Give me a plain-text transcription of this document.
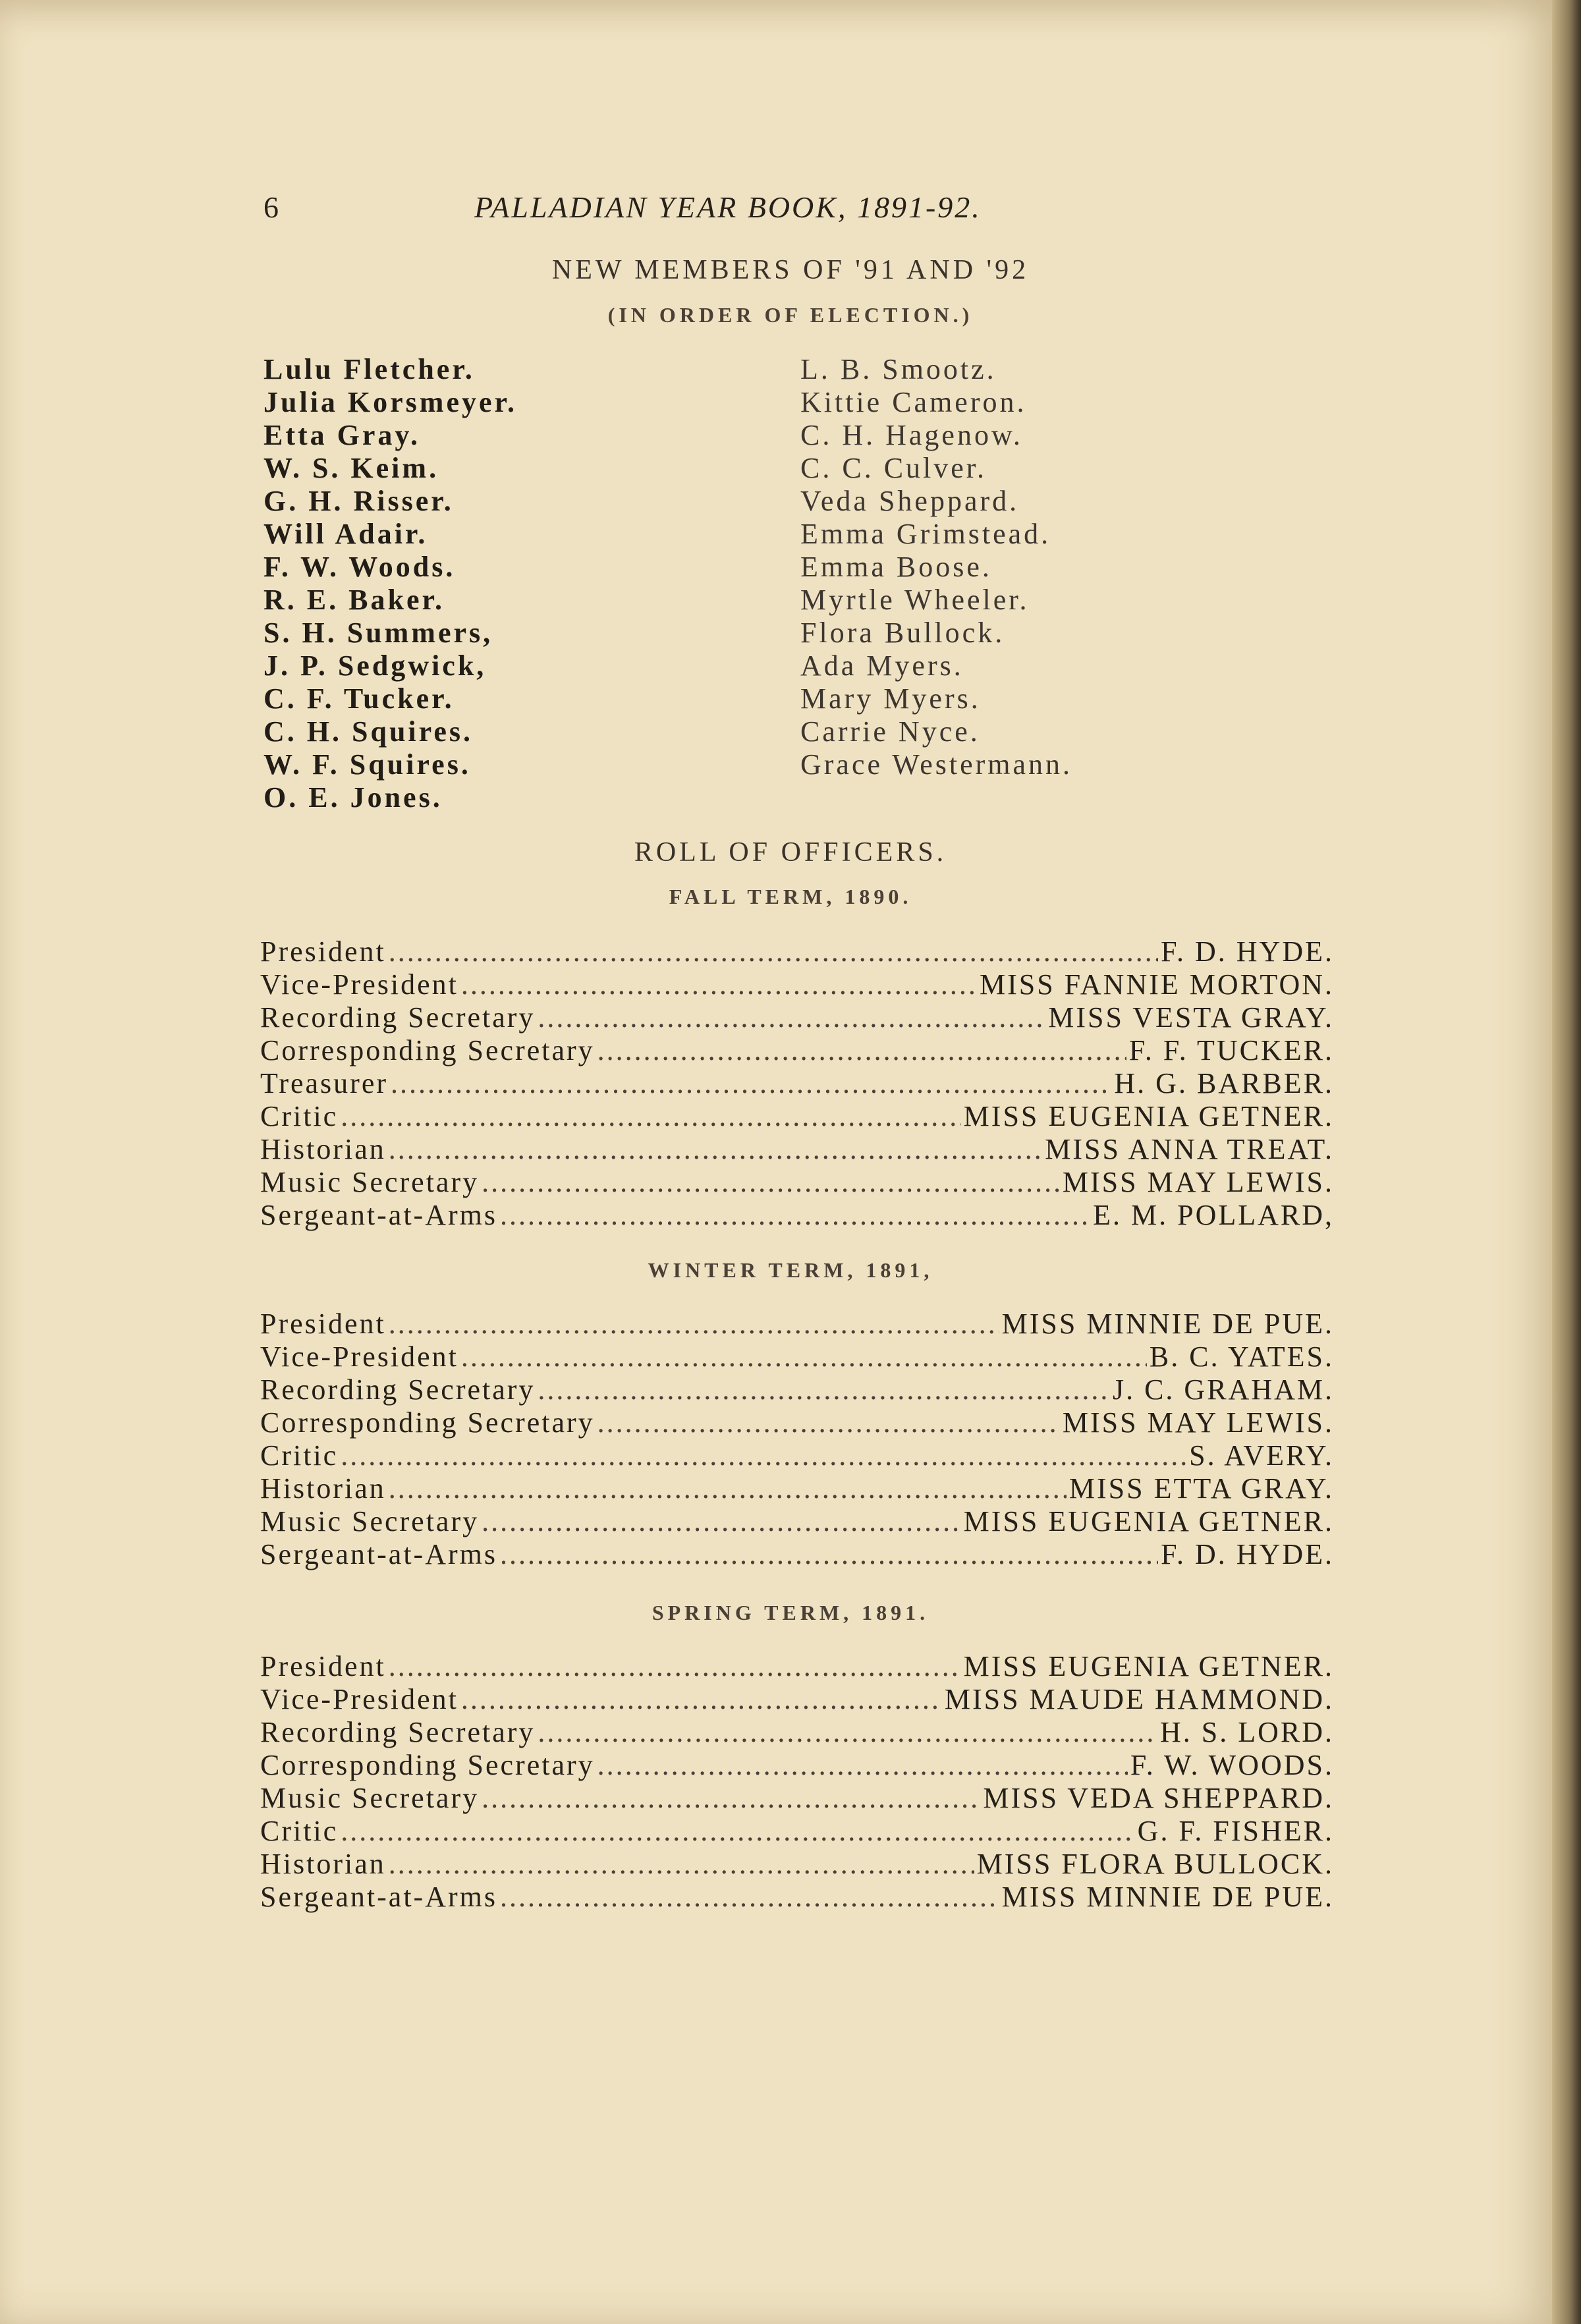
6	PALLADIAN YEAR BOOK, 1891-92.
NEW MEMBERS OF '91 AND '92
(IN ORDER OF ELECTION.)
Lulu Fletcher.
Julia Korsmeyer.
Etta Gray.
W. S. Keim.
G. H. Risser.
Will Adair.
F. W. Woods.
R. E. Baker.
S. H. Summers,
J. P. Sedgwick,
C. F. Tucker.
C. H. Squires.
W. F. Squires.
O. E. Jones.
L. B. Smootz.
Kittie Cameron.
C. H. Hagenow.
C. C. Culver.
Veda Sheppard.
Emma Grimstead.
Emma Boose.
Myrtle Wheeler.
Flora Bullock.
Ada Myers.
Mary Myers.
Carrie Nyce.
Grace Westermann.
ROLL OF OFFICERS.
FALL TERM, 1890.
President .....	F. D. HYDE.
Vice-President .....	MISS FANNIE MORTON.
Recording Secretary .....	MISS VESTA GRAY.
Corresponding Secretary .....	F. F. TUCKER.
Treasurer .....	H. G. BARBER.
Critic .....	MISS EUGENIA GETNER.
Historian .....	MISS ANNA TREAT.
Music Secretary .....	MISS MAY LEWIS.
Sergeant-at-Arms .....	E. M. POLLARD,
WINTER TERM, 1891,
President .....	MISS MINNIE DE PUE.
Vice-President .....	B. C. YATES.
Recording Secretary .....	J. C. GRAHAM.
Corresponding Secretary .....	MISS MAY LEWIS.
Critic .....	S. AVERY.
Historian .....	MISS ETTA GRAY.
Music Secretary .....	MISS EUGENIA GETNER.
Sergeant-at-Arms .....	F. D. HYDE.
SPRING TERM, 1891.
President .....	MISS EUGENIA GETNER.
Vice-President .....	MISS MAUDE HAMMOND.
Recording Secretary .....	H. S. LORD.
Corresponding Secretary .....	F. W. WOODS.
Music Secretary .....	MISS VEDA SHEPPARD.
Critic .....	G. F. FISHER.
Historian .....	MISS FLORA BULLOCK.
Sergeant-at-Arms .....	MISS MINNIE DE PUE.
